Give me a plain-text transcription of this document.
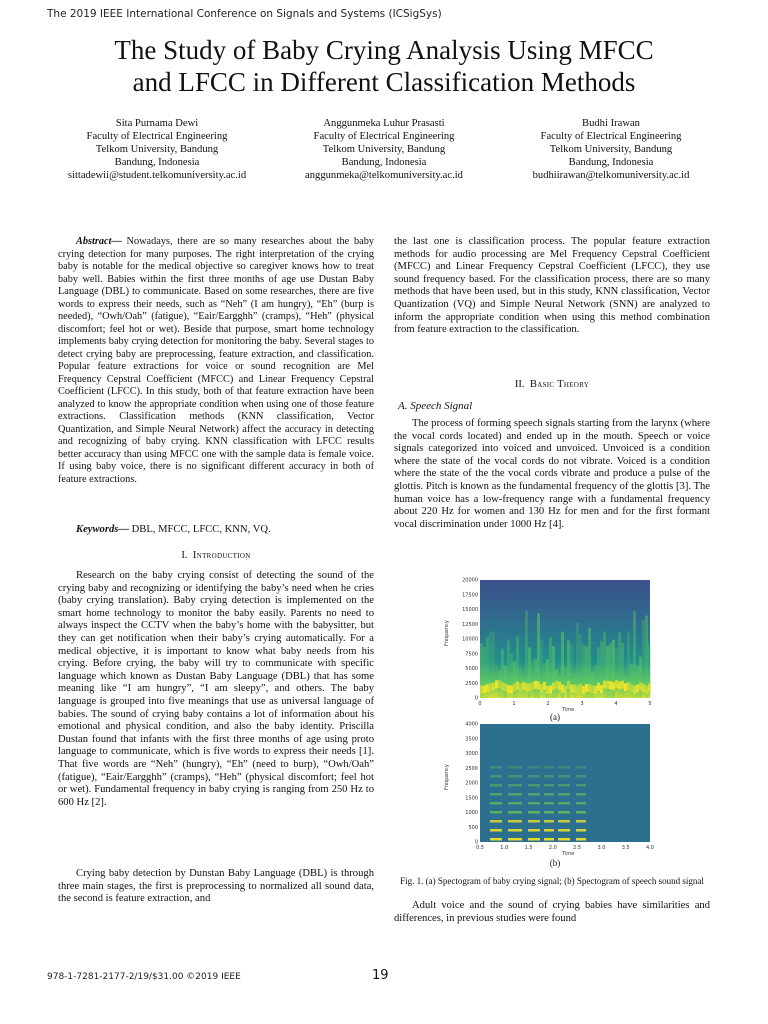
The 2019 IEEE International Conference on Signals and Systems (ICSigSys)
The Study of Baby Crying Analysis Using MFCC
and LFCC in Different Classification Methods
Sita Purnama Dewi
Faculty of Electrical Engineering
Telkom University, Bandung
Bandung, Indonesia
sittadewii@student.telkomuniversity.ac.id
Anggunmeka Luhur Prasasti
Faculty of Electrical Engineering
Telkom University, Bandung
Bandung, Indonesia
anggunmeka@telkomuniversity.ac.id
Budhi Irawan
Faculty of Electrical Engineering
Telkom University, Bandung
Bandung, Indonesia
budhiirawan@telkomuniversity.ac.id

Abstract— Nowadays, there are so many researches about the baby crying detection for many purposes. The right interpretation of the crying baby is notable for the medical objective so caregiver knows how to treat baby well. Babies within the first three months of age use Dustan Baby Language (DBL) to communicate. Based on some researches, there are five words to express their needs, such as “Neh” (I am hungry), “Eh” (burp is needed), “Owh/Oah” (fatigue), “Eair/Eargghh” (cramps), “Heh” (physical discomfort; feel hot or wet). Beside that purpose, smart home technology implements baby crying detection for monitoring the baby. Several stages to detect crying baby are preprocessing, feature extraction, and classification. Popular feature extractions for voice or sound recognition are Mel Frequency Cepstral Coefficient (MFCC) and Linear Frequency Cepstral Coefficient (LFCC). In this study, both of that feature extraction have been analyzed to know the appropriate condition when using one of those feature extractions. Classification methods (KNN classification, Vector Quantization, and Simple Neural Network) affect the accuracy in detecting and recognizing of baby crying. KNN classification with LFCC results better accuracy than using MFCC one with the sample data is female voice. If using baby voice, there is no significant different accuracy in both of feature extractions.

Keywords— DBL, MFCC, LFCC, KNN, VQ.

I. Introduction

Research on the baby crying consist of detecting the sound of the crying baby and recognizing or identifying the baby’s need when he cries (baby crying translation). Baby crying detection is implemented on the smart home technology to monitor the baby easily. Parents no need to always inspect the CCTV when the baby’s home with the babysitter, but they can get notification when their baby’s crying automatically. For a medical objective, it is important to know what baby needs from his crying. Before crying, the baby will try to communicate with specific language which known as Dustan Baby Language (DBL) that has some meaning like “I am hungry”, “I am sleepy”, and others. The baby language is grouped into five meanings that use as universal language of babies. The sound of crying baby contains a lot of information about his emotional and physical condition, and also the baby identity. Priscilla Dustan found that infants with the first three months of age using proto language to communicate, which is five words to express their needs [1]. That five words are “Neh” (hungry), “Eh” (need to burp), “Owh/Oah” (fatigue), “Eair/Eargghh” (cramps), “Heh” (physical discomfort; feel hot or wet). Fundamental frequency in baby crying is ranging from 250 Hz to 600 Hz [2].

Crying baby detection by Dunstan Baby Language (DBL) is through three main stages, the first is preprocessing to normalized all sound data, the second is feature extraction, and

the last one is classification process. The popular feature extraction methods for audio processing are Mel Frequency Cepstral Coefficient (MFCC) and Linear Frequency Cepstral Coefficient (LFCC), they use sound frequency based. For the classification process, there are so many methods that have been used, but in this study, KNN classification, Vector Quantization (VQ) and Simple Neural Network (SNN) are analyzed to inform the appropriate condition when using this method combination from feature extraction to the classification.

II. Basic Theory
A. Speech Signal

The process of forming speech signals starting from the larynx (where the vocal cords located) and ended up in the mouth. Speech or voice signals categorized into voiced and unvoiced. Unvoiced is a condition where the state of the vocal cords do not vibrate. Voiced is a condition where the state of the the vocal cords vibrate and produce a pulse of the glottis. Pitch is known as the fundamental frequency of the glottis [3]. The human voice has a low-frequency range with a fundamental frequency about 220 Hz for women and 130 Hz for men and for the first formant vocal discrimination under 1000 Hz [4].

20000
17500
15000
12500
10000
7500
5000
2500
0
0	1	2	3	4	5
Frequency
Time
(a)
4000
3500
3000
2500
2000
1500
1000
500
0
0.5	1.0	1.5	2.0	2.5	3.0	3.5	4.0
Frequency
Time
(b)
Fig. 1. (a) Spectogram of baby crying signal; (b) Spectogram of speech sound signal

Adult voice and the sound of crying babies have similarities and differences, in previous studies were found

978-1-7281-2177-2/19/$31.00 ©2019 IEEE	19
